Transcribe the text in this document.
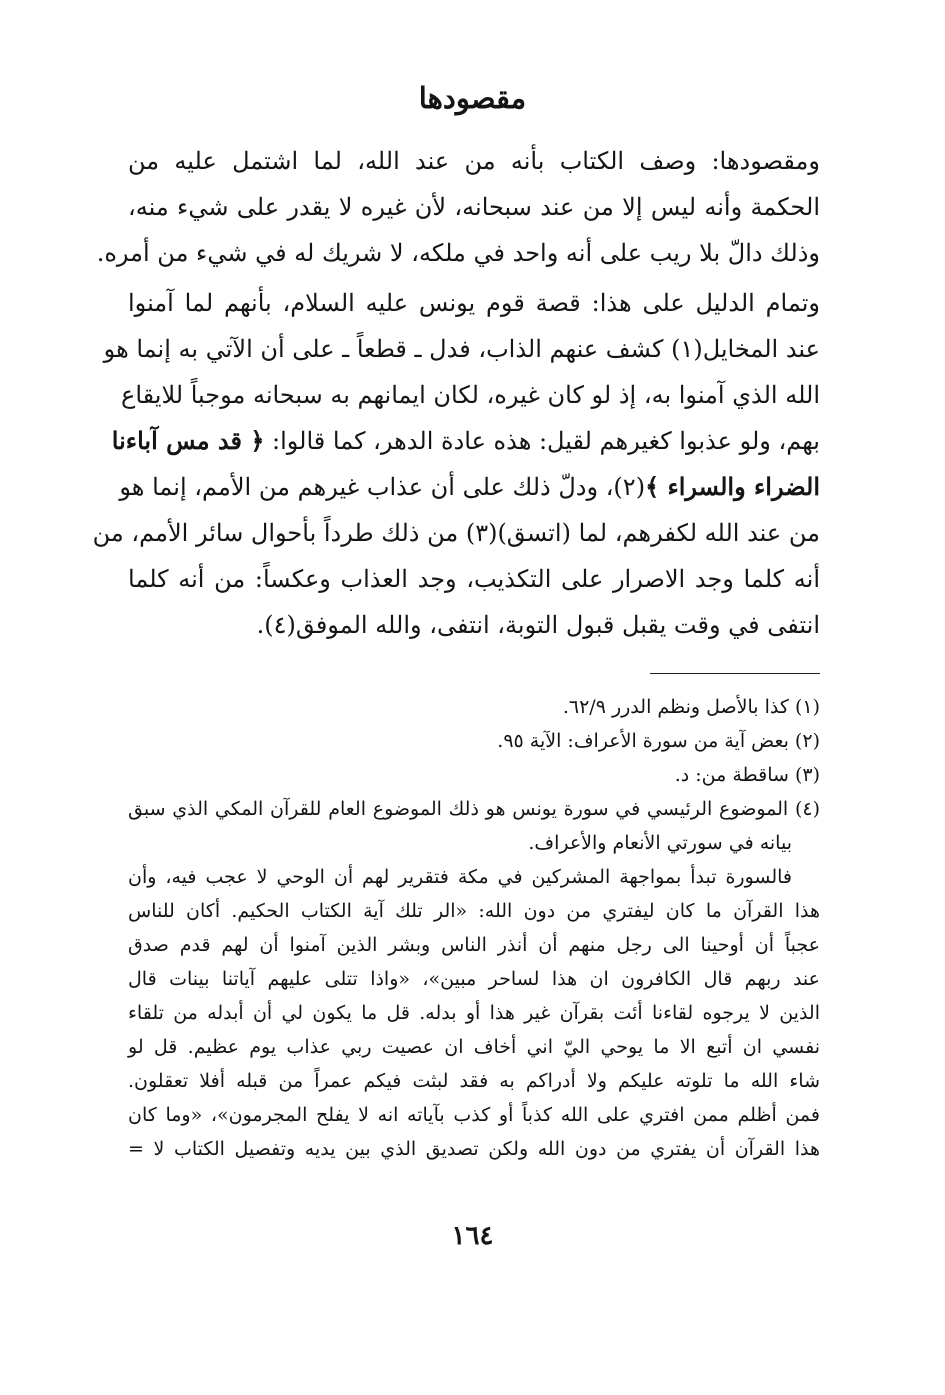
مقصودها
ومقصودها: وصف الكتاب بأنه من عند الله، لما اشتمل عليه من
الحكمة وأنه ليس إلا من عند سبحانه، لأن غيره لا يقدر على شيء منه،
وذلك دالّ بلا ريب على أنه واحد في ملكه، لا شريك له في شيء من أمره.
وتمام الدليل على هذا: قصة قوم يونس عليه السلام، بأنهم لما آمنوا
عند المخايل(١) كشف عنهم الذاب، فدل ـ قطعاً ـ على أن الآتي به إنما هو
الله الذي آمنوا به، إذ لو كان غيره، لكان ايمانهم به سبحانه موجباً للايقاع
بهم، ولو عذبوا كغيرهم لقيل: هذه عادة الدهر، كما قالوا: ﴿ قد مس آباءنا
الضراء والسراء ﴾(٢)، ودلّ ذلك على أن عذاب غيرهم من الأمم، إنما هو
من عند الله لكفرهم، لما (اتسق)(٣) من ذلك طرداً بأحوال سائر الأمم، من
أنه كلما وجد الاصرار على التكذيب، وجد العذاب وعكساً: من أنه كلما
انتفى في وقت يقبل قبول التوبة، انتفى، والله الموفق(٤).
(١) كذا بالأصل ونظم الدرر ٦٢/٩.
(٢) بعض آية من سورة الأعراف: الآية ٩٥.
(٣) ساقطة من: د.
(٤) الموضوع الرئيسي في سورة يونس هو ذلك الموضوع العام للقرآن المكي الذي سبق
بيانه في سورتي الأنعام والأعراف.
فالسورة تبدأ بمواجهة المشركين في مكة فتقرير لهم أن الوحي لا عجب فيه، وأن
هذا القرآن ما كان ليفتري من دون الله: «الر تلك آية الكتاب الحكيم. أكان للناس
عجباً أن أوحينا الى رجل منهم أن أنذر الناس وبشر الذين آمنوا أن لهم قدم صدق
عند ربهم قال الكافرون ان هذا لساحر مبين»، «واذا تتلى عليهم آياتنا بينات قال
الذين لا يرجوه لقاءنا أئت بقرآن غير هذا أو بدله. قل ما يكون لي أن أبدله من تلقاء
نفسي ان أتبع الا ما يوحي اليّ اني أخاف ان عصيت ربي عذاب يوم عظيم. قل لو
شاء الله ما تلوته عليكم ولا أدراكم به فقد لبثت فيكم عمراً من قبله أفلا تعقلون.
فمن أظلم ممن افتري على الله كذباً أو كذب بآياته انه لا يفلح المجرمون»، «وما كان
هذا القرآن أن يفتري من دون الله ولكن تصديق الذي بين يديه وتفصيل الكتاب لا =
١٦٤
